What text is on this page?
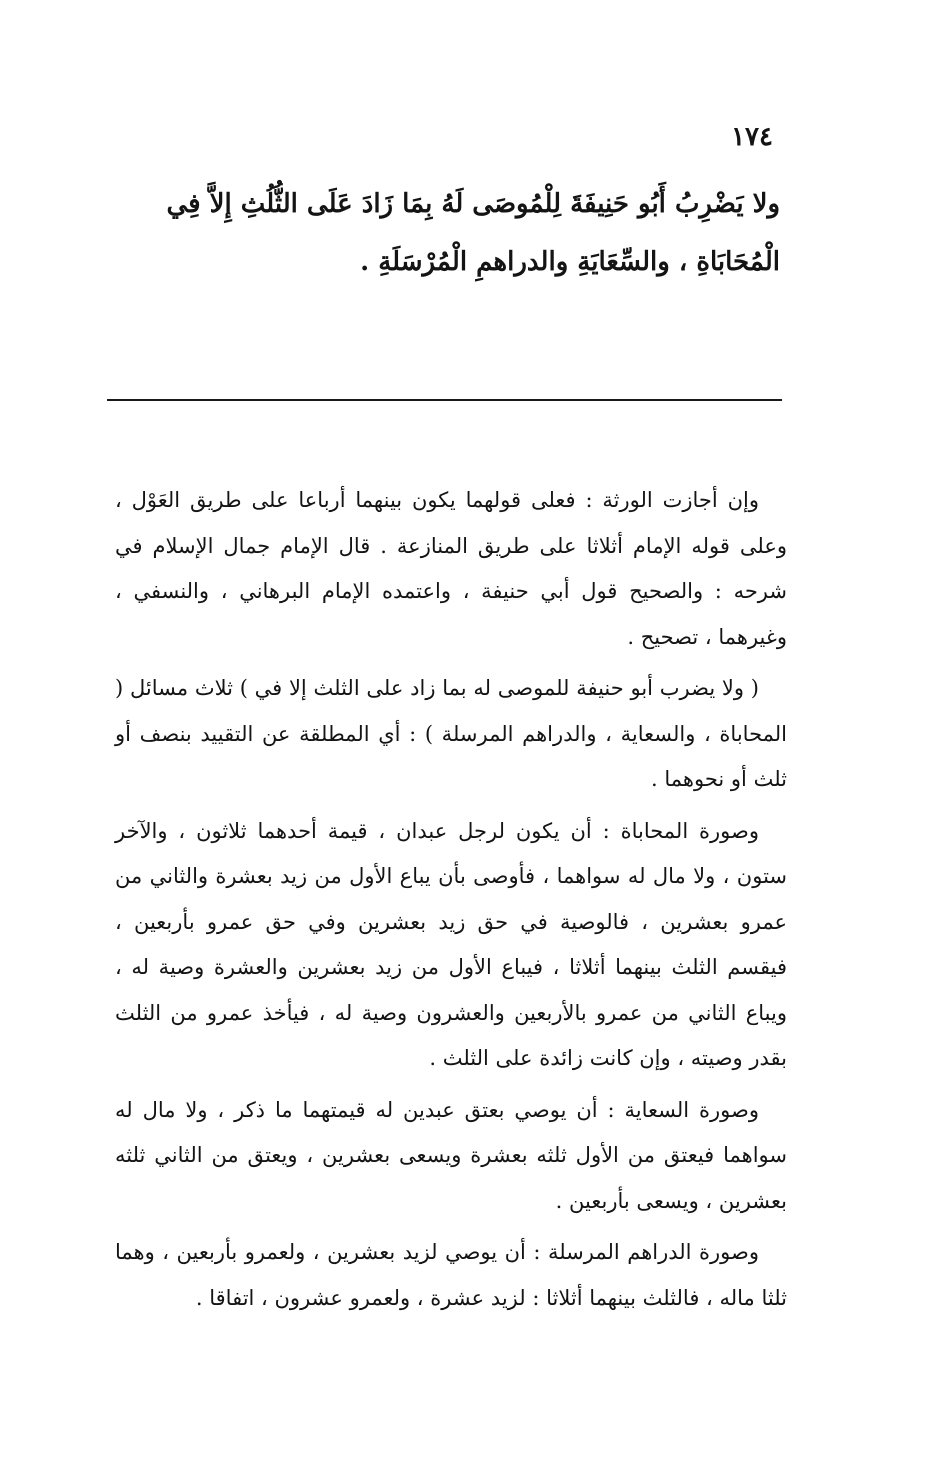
١٧٤

ولا يَضْرِبُ أَبُو حَنِيفَةَ لِلْمُوصَى لَهُ بِمَا زَادَ عَلَى الثُّلُثِ إِلاَّ فِي الْمُحَابَاةِ ، والسِّعَايَةِ والدراهمِ الْمُرْسَلَةِ .

وإن أجازت الورثة : فعلى قولهما يكون بينهما أرباعا على طريق العَوْل ، وعلى قوله الإمام أثلاثا على طريق المنازعة . قال الإمام جمال الإسلام في شرحه : والصحيح قول أبي حنيفة ، واعتمده الإمام البرهاني ، والنسفي ، وغيرهما ، تصحيح .

( ولا يضرب أبو حنيفة للموصى له بما زاد على الثلث إلا في ) ثلاث مسائل ( المحاباة ، والسعاية ، والدراهم المرسلة ) : أي المطلقة عن التقييد بنصف أو ثلث أو نحوهما .

وصورة المحاباة : أن يكون لرجل عبدان ، قيمة أحدهما ثلاثون ، والآخر ستون ، ولا مال له سواهما ، فأوصى بأن يباع الأول من زيد بعشرة والثاني من عمرو بعشرين ، فالوصية في حق زيد بعشرين وفي حق عمرو بأربعين ، فيقسم الثلث بينهما أثلاثا ، فيباع الأول من زيد بعشرين والعشرة وصية له ، ويباع الثاني من عمرو بالأربعين والعشرون وصية له ، فيأخذ عمرو من الثلث بقدر وصيته ، وإن كانت زائدة على الثلث .

وصورة السعاية : أن يوصي بعتق عبدين له قيمتهما ما ذكر ، ولا مال له سواهما فيعتق من الأول ثلثه بعشرة ويسعى بعشرين ، ويعتق من الثاني ثلثه بعشرين ، ويسعى بأربعين .

وصورة الدراهم المرسلة : أن يوصي لزيد بعشرين ، ولعمرو بأربعين ، وهما ثلثا ماله ، فالثلث بينهما أثلاثا : لزيد عشرة ، ولعمرو عشرون ، اتفاقا .
